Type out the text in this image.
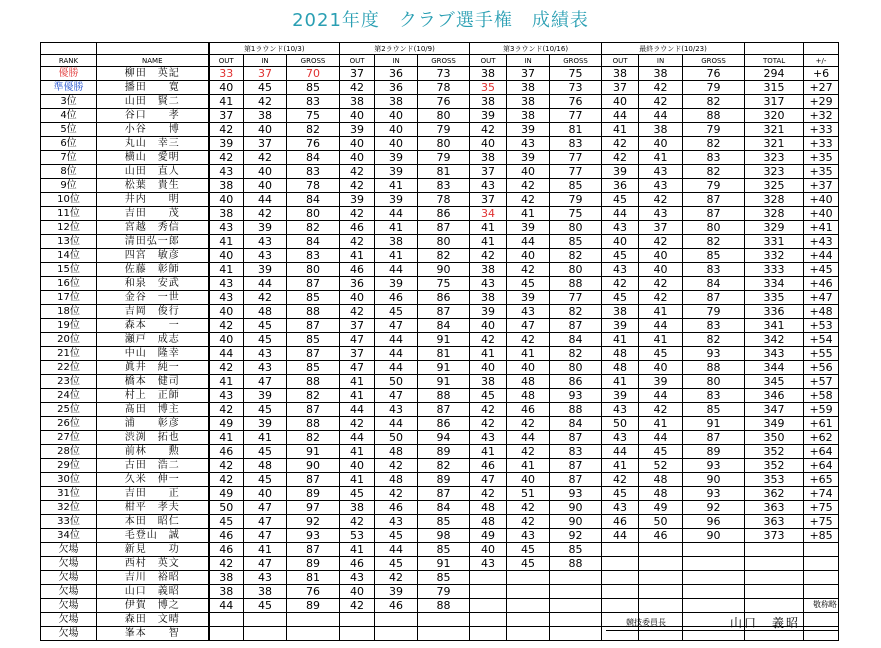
2021年度　クラブ選手権　成績表
		第1ラウンド(10/3)			第2ラウンド(10/9)			第3ラウンド(10/16)			最終ラウンド(10/23)				
RANK	NAME	OUT	IN	GROSS	OUT	IN	GROSS	OUT	IN	GROSS	OUT	IN	GROSS	TOTAL	+/-
優勝	柳田　英記	33	37	70	37	36	73	38	37	75	38	38	76	294	+6
準優勝	播田　　寛	40	45	85	42	36	78	35	38	73	37	42	79	315	+27
3位	山田　賢二	41	42	83	38	38	76	38	38	76	40	42	82	317	+29
4位	谷口　　孝	37	38	75	40	40	80	39	38	77	44	44	88	320	+32
5位	小谷　　博	42	40	82	39	40	79	42	39	81	41	38	79	321	+33
6位	丸山　幸三	39	37	76	40	40	80	40	43	83	42	40	82	321	+33
7位	横山　愛明	42	42	84	40	39	79	38	39	77	42	41	83	323	+35
8位	山田　直人	43	40	83	42	39	81	37	40	77	39	43	82	323	+35
9位	松葉　貴生	38	40	78	42	41	83	43	42	85	36	43	79	325	+37
10位	井内　　明	40	44	84	39	39	78	37	42	79	45	42	87	328	+40
11位	吉田　　茂	38	42	80	42	44	86	34	41	75	44	43	87	328	+40
12位	宮越　秀信	43	39	82	46	41	87	41	39	80	43	37	80	329	+41
13位	清田弘一郎	41	43	84	42	38	80	41	44	85	40	42	82	331	+43
14位	四宮　敏彦	40	43	83	41	41	82	42	40	82	45	40	85	332	+44
15位	佐藤　彰師	41	39	80	46	44	90	38	42	80	43	40	83	333	+45
16位	和泉　安武	43	44	87	36	39	75	43	45	88	42	42	84	334	+46
17位	金谷　一世	43	42	85	40	46	86	38	39	77	45	42	87	335	+47
18位	吉岡　俊行	40	48	88	42	45	87	39	43	82	38	41	79	336	+48
19位	森本　　一	42	45	87	37	47	84	40	47	87	39	44	83	341	+53
20位	瀬戸　成志	40	45	85	47	44	91	42	42	84	41	41	82	342	+54
21位	中山　隆幸	44	43	87	37	44	81	41	41	82	48	45	93	343	+55
22位	眞井　純一	42	43	85	47	44	91	40	40	80	48	40	88	344	+56
23位	橋本　健司	41	47	88	41	50	91	38	48	86	41	39	80	345	+57
24位	村上　正師	43	39	82	41	47	88	45	48	93	39	44	83	346	+58
25位	髙田　博主	42	45	87	44	43	87	42	46	88	43	42	85	347	+59
26位	浦　　彰彦	49	39	88	42	44	86	42	42	84	50	41	91	349	+61
27位	渋渕　拓也	41	41	82	44	50	94	43	44	87	43	44	87	350	+62
28位	前林　　勲	46	45	91	41	48	89	41	42	83	44	45	89	352	+64
29位	古田　浩二	42	48	90	40	42	82	46	41	87	41	52	93	352	+64
30位	久米　伸一	42	45	87	41	48	89	47	40	87	42	48	90	353	+65
31位	吉田　　正	49	40	89	45	42	87	42	51	93	45	48	93	362	+74
32位	柑平　孝夫	50	47	97	38	46	84	48	42	90	43	49	92	363	+75
33位	本田　昭仁	45	47	92	42	43	85	48	42	90	46	50	96	363	+75
34位	毛登山　誠	46	47	93	53	45	98	49	43	92	44	46	90	373	+85
欠場	新見　　功	46	41	87	41	44	85	40	45	85					
欠場	西村　英文	42	47	89	46	45	91	43	45	88					
欠場	吉川　裕昭	38	43	81	43	42	85								
欠場	山口　義昭	38	38	76	40	39	79								
欠場	伊賀　博之	44	45	89	42	46	88								
欠場	森田　文晴														
欠場	峯本　　智														
敬称略
競技委員長	山口　義昭
